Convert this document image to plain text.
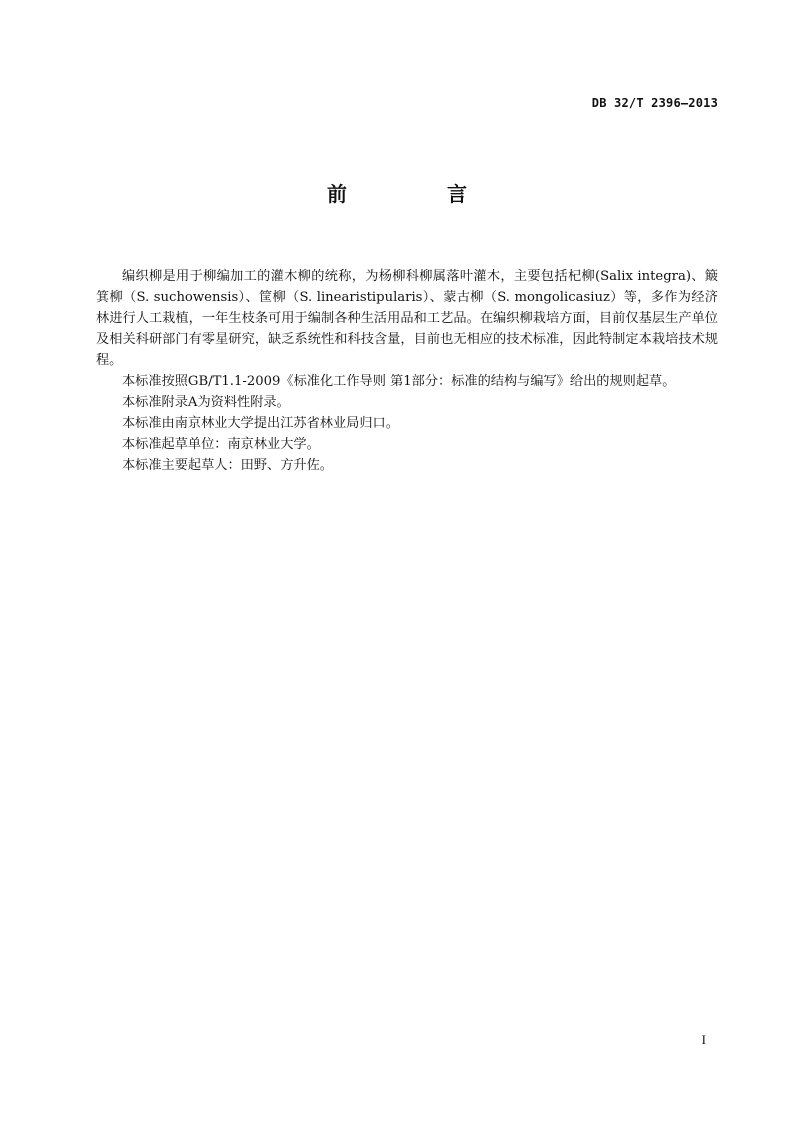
DB 32/T 2396—2013
前　言

编织柳是用于柳编加工的灌木柳的统称，为杨柳科柳属落叶灌木，主要包括杞柳(Salix integra)、簸箕柳（S. suchowensis）、筐柳（S. linearistipularis）、蒙古柳（S. mongolicasiuz）等，多作为经济林进行人工栽植，一年生枝条可用于编制各种生活用品和工艺品。在编织柳栽培方面，目前仅基层生产单位及相关科研部门有零星研究，缺乏系统性和科技含量，目前也无相应的技术标准，因此特制定本栽培技术规程。

本标准按照GB/T1.1-2009《标准化工作导则 第1部分：标准的结构与编写》给出的规则起草。

本标准附录A为资料性附录。

本标准由南京林业大学提出江苏省林业局归口。

本标准起草单位：南京林业大学。

本标准主要起草人：田野、方升佐。

I
